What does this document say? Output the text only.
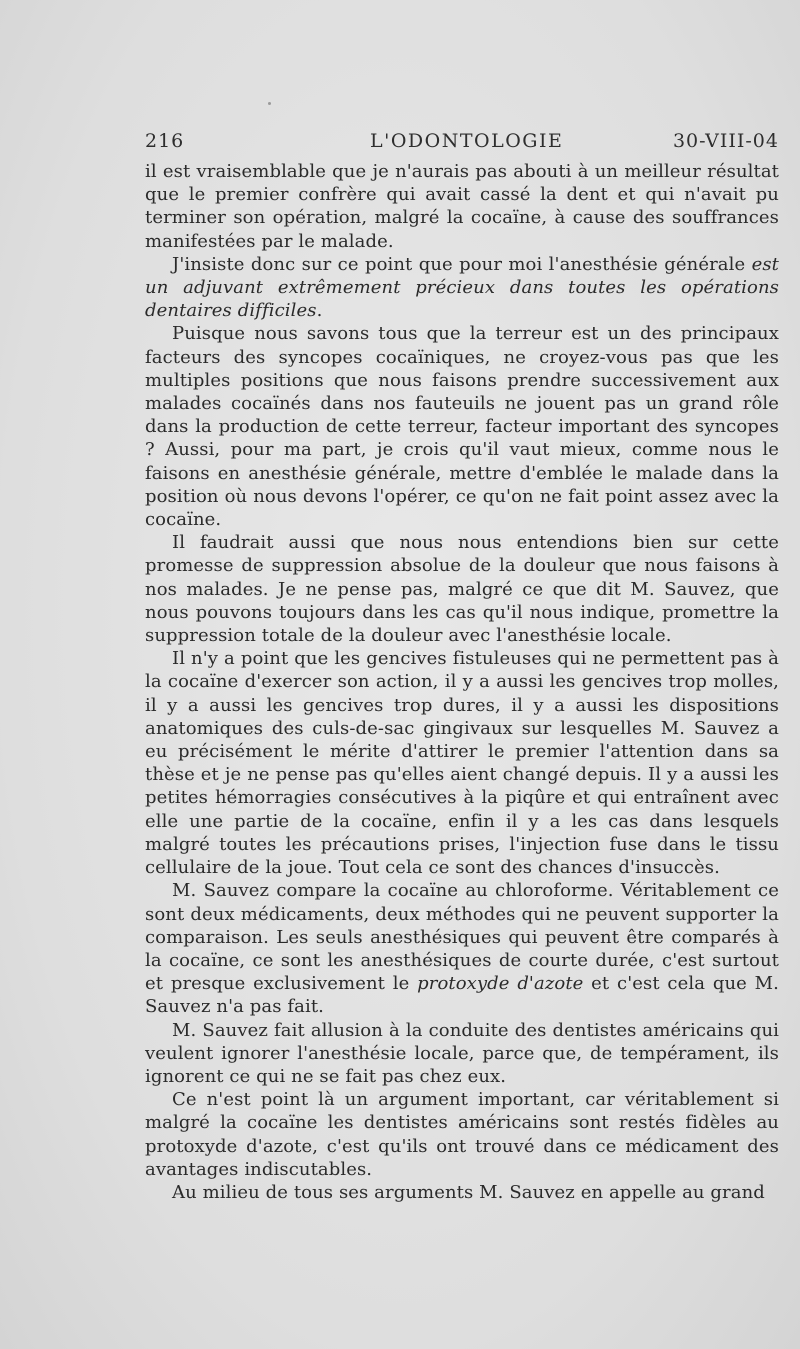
216	L'ODONTOLOGIE	30-VIII-04

il est vraisemblable que je n'aurais pas abouti à un meilleur résultat que le premier confrère qui avait cassé la dent et qui n'avait pu terminer son opération, malgré la cocaïne, à cause des souffrances manifestées par le malade.

J'insiste donc sur ce point que pour moi l'anesthésie générale est un adjuvant extrêmement précieux dans toutes les opérations dentaires difficiles.

Puisque nous savons tous que la terreur est un des principaux facteurs des syncopes cocaïniques, ne croyez-vous pas que les multiples positions que nous faisons prendre successivement aux malades cocaïnés dans nos fauteuils ne jouent pas un grand rôle dans la production de cette terreur, facteur important des syncopes ? Aussi, pour ma part, je crois qu'il vaut mieux, comme nous le faisons en anesthésie générale, mettre d'emblée le malade dans la position où nous devons l'opérer, ce qu'on ne fait point assez avec la cocaïne.

Il faudrait aussi que nous nous entendions bien sur cette promesse de suppression absolue de la douleur que nous faisons à nos malades. Je ne pense pas, malgré ce que dit M. Sauvez, que nous pouvons toujours dans les cas qu'il nous indique, promettre la suppression totale de la douleur avec l'anesthésie locale.

Il n'y a point que les gencives fistuleuses qui ne permettent pas à la cocaïne d'exercer son action, il y a aussi les gencives trop molles, il y a aussi les gencives trop dures, il y a aussi les dispositions anatomiques des culs-de-sac gingivaux sur lesquelles M. Sauvez a eu précisément le mérite d'attirer le premier l'attention dans sa thèse et je ne pense pas qu'elles aient changé depuis. Il y a aussi les petites hémorragies consécutives à la piqûre et qui entraînent avec elle une partie de la cocaïne, enfin il y a les cas dans lesquels malgré toutes les précautions prises, l'injection fuse dans le tissu cellulaire de la joue. Tout cela ce sont des chances d'insuccès.

M. Sauvez compare la cocaïne au chloroforme. Véritablement ce sont deux médicaments, deux méthodes qui ne peuvent supporter la comparaison. Les seuls anesthésiques qui peuvent être comparés à la cocaïne, ce sont les anesthésiques de courte durée, c'est surtout et presque exclusivement le protoxyde d'azote et c'est cela que M. Sauvez n'a pas fait.

M. Sauvez fait allusion à la conduite des dentistes américains qui veulent ignorer l'anesthésie locale, parce que, de tempérament, ils ignorent ce qui ne se fait pas chez eux.

Ce n'est point là un argument important, car véritablement si malgré la cocaïne les dentistes américains sont restés fidèles au protoxyde d'azote, c'est qu'ils ont trouvé dans ce médicament des avantages indiscutables.

Au milieu de tous ses arguments M. Sauvez en appelle au grand
